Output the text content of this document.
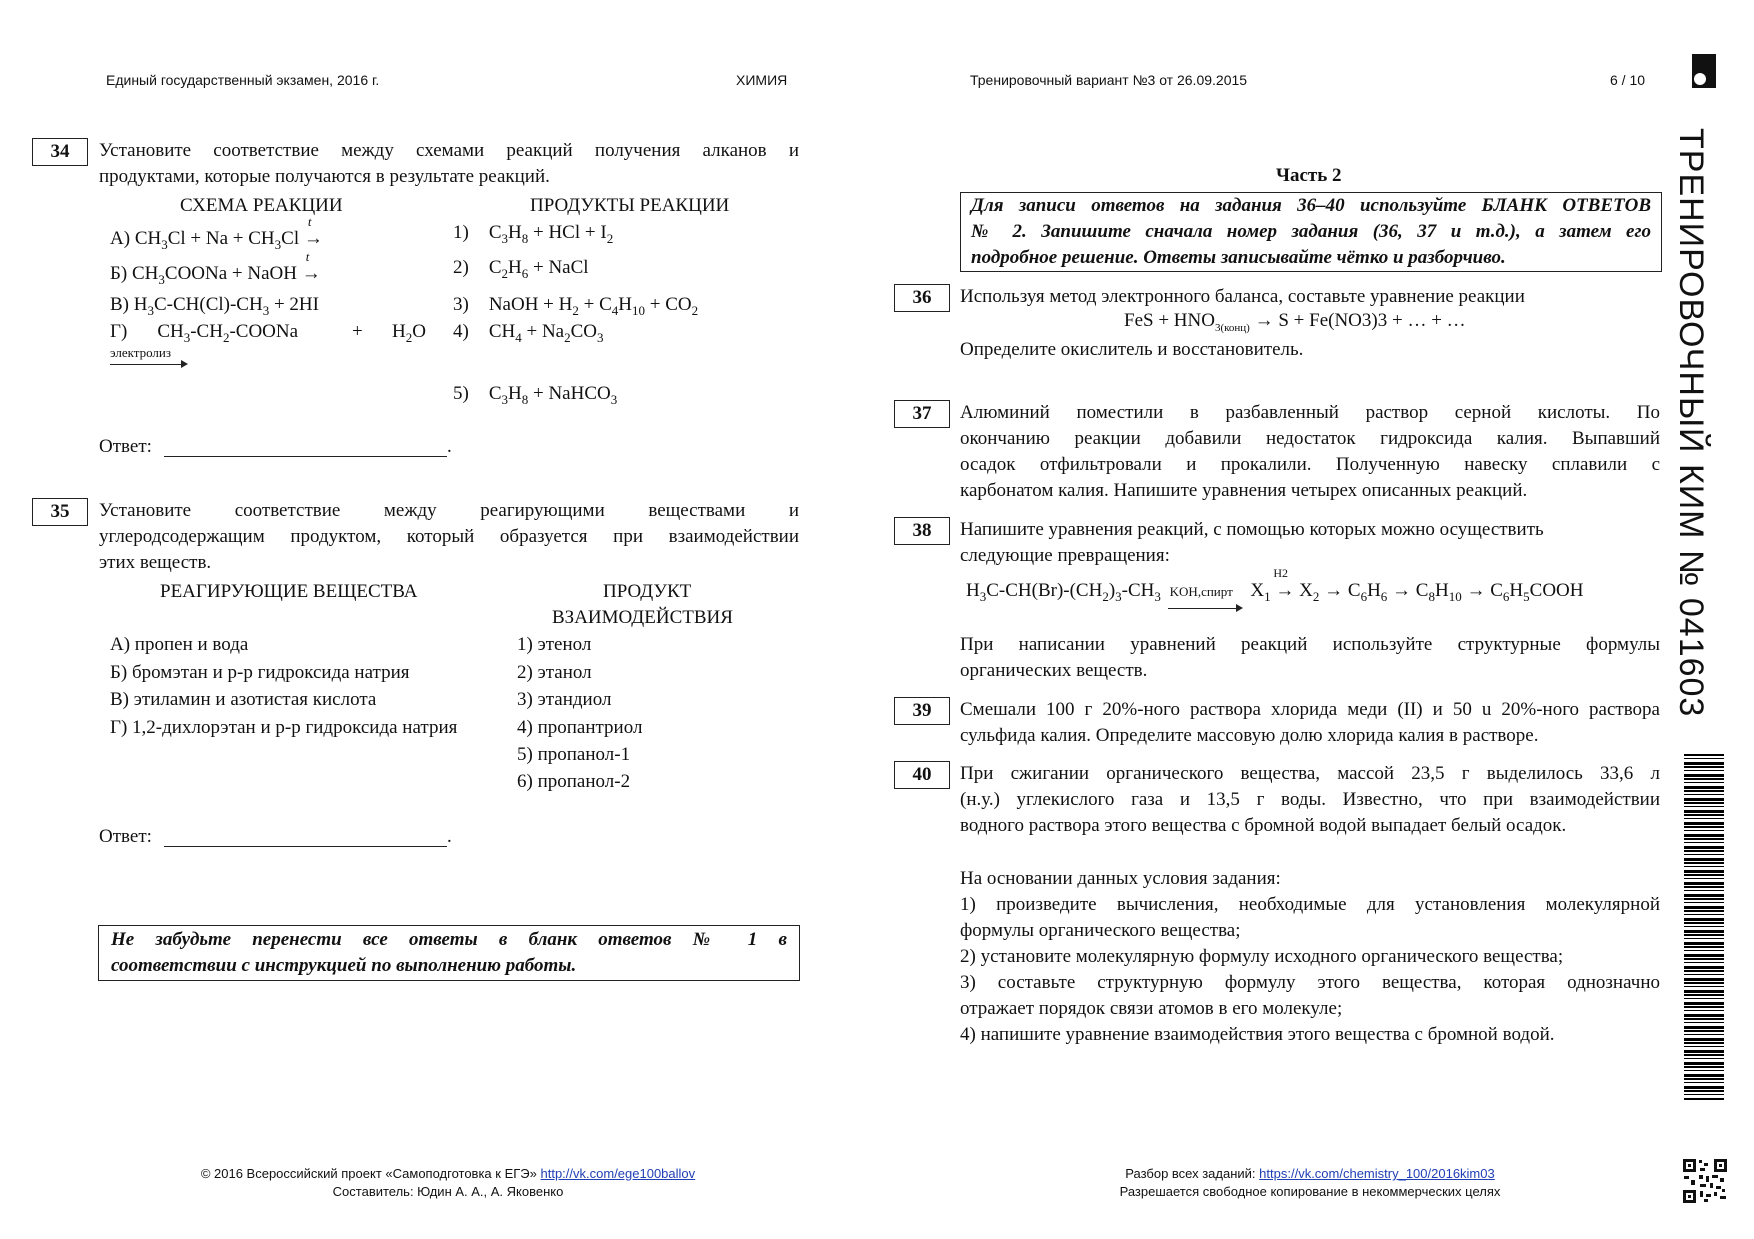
Единый государственный экзамен, 2016 г.	ХИМИЯ	Тренировочный вариант №3 от 26.09.2015	6 / 10
ТРЕНИРОВОЧНЫЙ КИМ № 041603
34	Установите соответствие между схемами реакций получения алканов и
продуктами, которые получаются в результате реакций.
СХЕМА РЕАКЦИИ	ПРОДУКТЫ РЕАКЦИИ
А) $CH_3Cl + Na + CH_3Cl$ →
t
Б) $CH_3COONa$ + NaOH →
t
В) $H_3C-CH(Cl)-CH_3 + 2HI$
Г) $CH_3-CH_2$-COONa	+ $H_2O$
электролиз
1) $C_3H_8$ + HCl + $I_2$
2) $C_2H_6$ + NaCl
3) NaOH + $H_2 + C_4H_{10} + CO_2$
4) $CH_4 + Na_2CO_3$
5) $C_3H_8$ + NaHCO$_3$
Ответ:	.
35	Установите соответствие между реагирующими веществами и
углеродсодержащим продуктом, который образуется при взаимодействии
этих веществ.
РЕАГИРУЮЩИЕ ВЕЩЕСТВА	ПРОДУКТ
ВЗАИМОДЕЙСТВИЯ
А) пропен и вода
Б) бромэтан и р-р гидроксида натрия
В) этиламин и азотистая кислота
Г) 1,2-дихлорэтан и р-р гидроксида натрия
1) этенол
2) этанол
3) этандиол
4) пропантриол
5) пропанол-1
6) пропанол-2
Ответ:	.
Не забудьте перенести все ответы в бланк ответов № 1 в
соответствии с инструкцией по выполнению работы.
Часть 2
Для записи ответов на задания 36–40 используйте БЛАНК ОТВЕТОВ
№ 2. Запишите сначала номер задания (36, 37 и т.д.), а затем его
подробное решение. Ответы записывайте чётко и разборчиво.
36	Используя метод электронного баланса, составьте уравнение реакции
FeS + $HNO_{3(конц)} \to S + Fe(NO3)3$ + … + …
Определите окислитель и восстановитель.
37	Алюминий поместили в разбавленный раствор серной кислоты. По
окончанию реакции добавили недостаток гидроксида калия. Выпавший
осадок отфильтровали и прокалили. Полученную навеску сплавили с
карбонатом калия. Напишите уравнения четырех описанных реакций.
38	Напишите уравнения реакций, с помощью которых можно осуществить
следующие превращения:
$H_3C-CH(Br)-(CH_2)_3-CH_3$ KOH,спирт $X_1$ →
H2
$X_2 \to C_6H_6 \to C_8H_{10}$ → $C_6H_5COOH$
При написании уравнений реакций используйте структурные формулы
органических веществ.
39	Смешали 100 г 20%-ного раствора хлорида меди (II) и 50 u 20%-ного раствора
сульфида калия. Определите массовую долю хлорида калия в растворе.
40	При сжигании органического вещества, массой 23,5 г выделилось 33,6 л
(н.у.) углекислого газа и 13,5 г воды. Известно, что при взаимодействии
водного раствора этого вещества с бромной водой выпадает белый осадок.
На основании данных условия задания:
1) произведите вычисления, необходимые для установления молекулярной
формулы органического вещества;
2) установите молекулярную формулу исходного органического вещества;
3) составьте структурную формулу этого вещества, которая однозначно
отражает порядок связи атомов в его молекуле;
4) напишите уравнение взаимодействия этого вещества с бромной водой.
© 2016 Всероссийский проект «Самоподготовка к ЕГЭ» http://vk.com/ege100ballov
Составитель: Юдин А. А., А. Яковенко
Разбор всех заданий: https://vk.com/chemistry_100/2016kim03
Разрешается свободное копирование в некоммерческих целях
